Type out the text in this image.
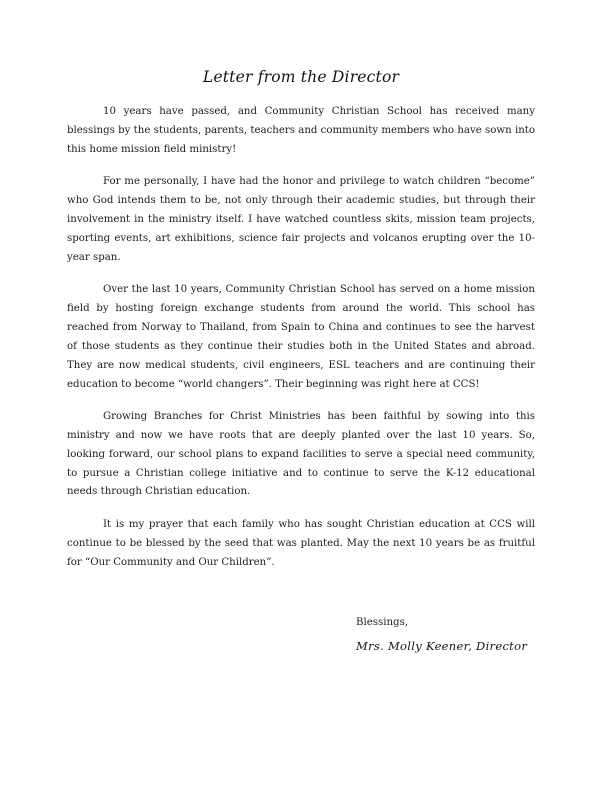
Letter from the Director

10 years have passed, and Community Christian School has received many blessings by the students, parents, teachers and community members who have sown into this home mission field ministry!

For me personally, I have had the honor and privilege to watch children “become” who God intends them to be, not only through their academic studies, but through their involvement in the ministry itself. I have watched countless skits, mission team projects, sporting events, art exhibitions, science fair projects and volcanos erupting over the 10-year span.

Over the last 10 years, Community Christian School has served on a home mission field by hosting foreign exchange students from around the world. This school has reached from Norway to Thailand, from Spain to China and continues to see the harvest of those students as they continue their studies both in the United States and abroad. They are now medical students, civil engineers, ESL teachers and are continuing their education to become “world changers”. Their beginning was right here at CCS!

Growing Branches for Christ Ministries has been faithful by sowing into this ministry and now we have roots that are deeply planted over the last 10 years. So, looking forward, our school plans to expand facilities to serve a special need community, to pursue a Christian college initiative and to continue to serve the K-12 educational needs through Christian education.

It is my prayer that each family who has sought Christian education at CCS will continue to be blessed by the seed that was planted. May the next 10 years be as fruitful for “Our Community and Our Children”.

Blessings,
Mrs. Molly Keener, Director
